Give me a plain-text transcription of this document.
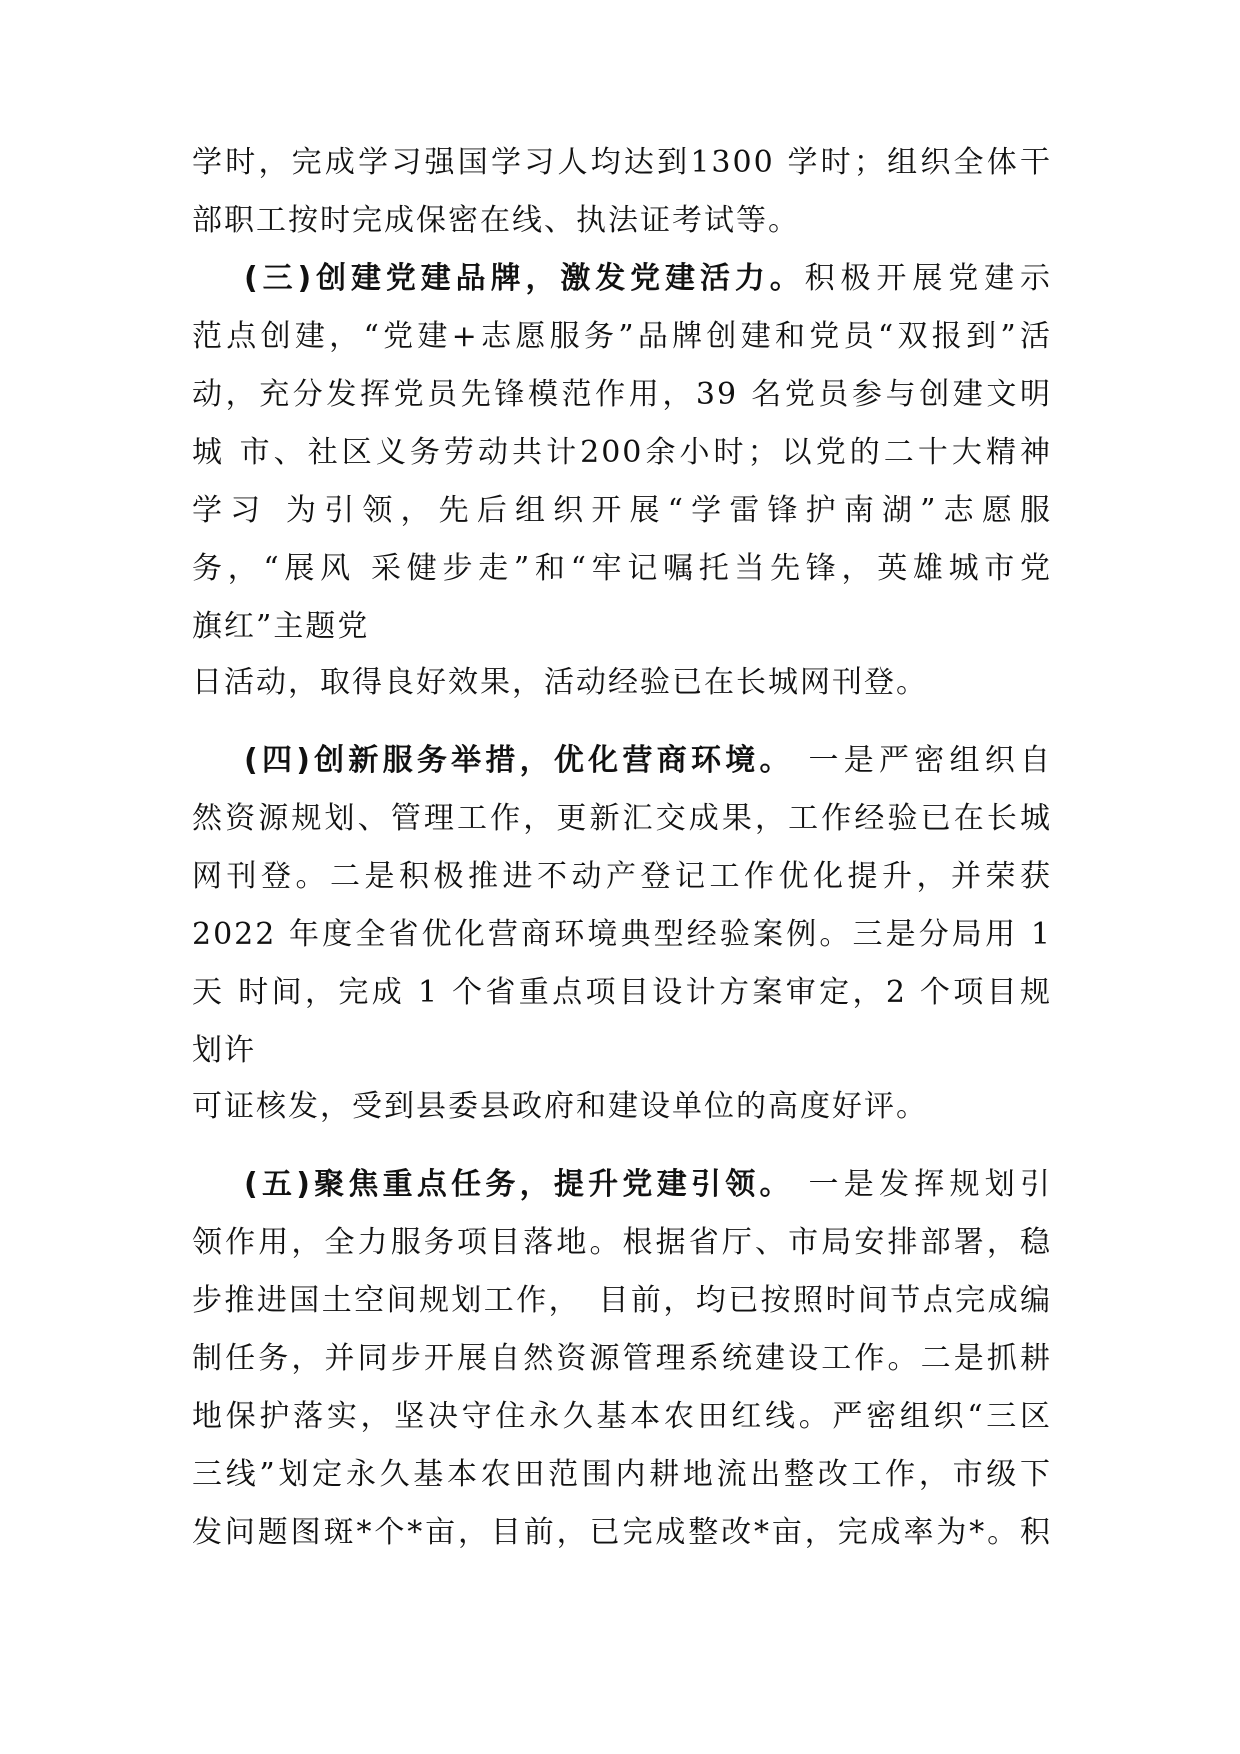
学时，完成学习强国学习人均达到1300 学时；组织全体干
部职工按时完成保密在线、执法证考试等。
(三)创建党建品牌，激发党建活力。积极开展党建示
范点创建，“党建+志愿服务”品牌创建和党员“双报到”活
动，充分发挥党员先锋模范作用，39 名党员参与创建文明
城 市、社区义务劳动共计200余小时；以党的二十大精神
学习 为引领，先后组织开展“学雷锋护南湖”志愿服
务，“展风 采健步走”和“牢记嘱托当先锋，英雄城市党
旗红”主题党
日活动，取得良好效果，活动经验已在长城网刊登。
(四)创新服务举措，优化营商环境。 一是严密组织自
然资源规划、管理工作，更新汇交成果，工作经验已在长城
网刊登。二是积极推进不动产登记工作优化提升，并荣获
2022 年度全省优化营商环境典型经验案例。三是分局用 1
天 时间，完成 1 个省重点项目设计方案审定，2 个项目规
划许
可证核发，受到县委县政府和建设单位的高度好评。
(五)聚焦重点任务，提升党建引领。 一是发挥规划引
领作用，全力服务项目落地。根据省厅、市局安排部署，稳
步推进国土空间规划工作，　目前，均已按照时间节点完成编
制任务，并同步开展自然资源管理系统建设工作。二是抓耕
地保护落实，坚决守住永久基本农田红线。严密组织“三区
三线”划定永久基本农田范围内耕地流出整改工作，市级下
发问题图斑*个*亩，目前，已完成整改*亩，完成率为*。积
